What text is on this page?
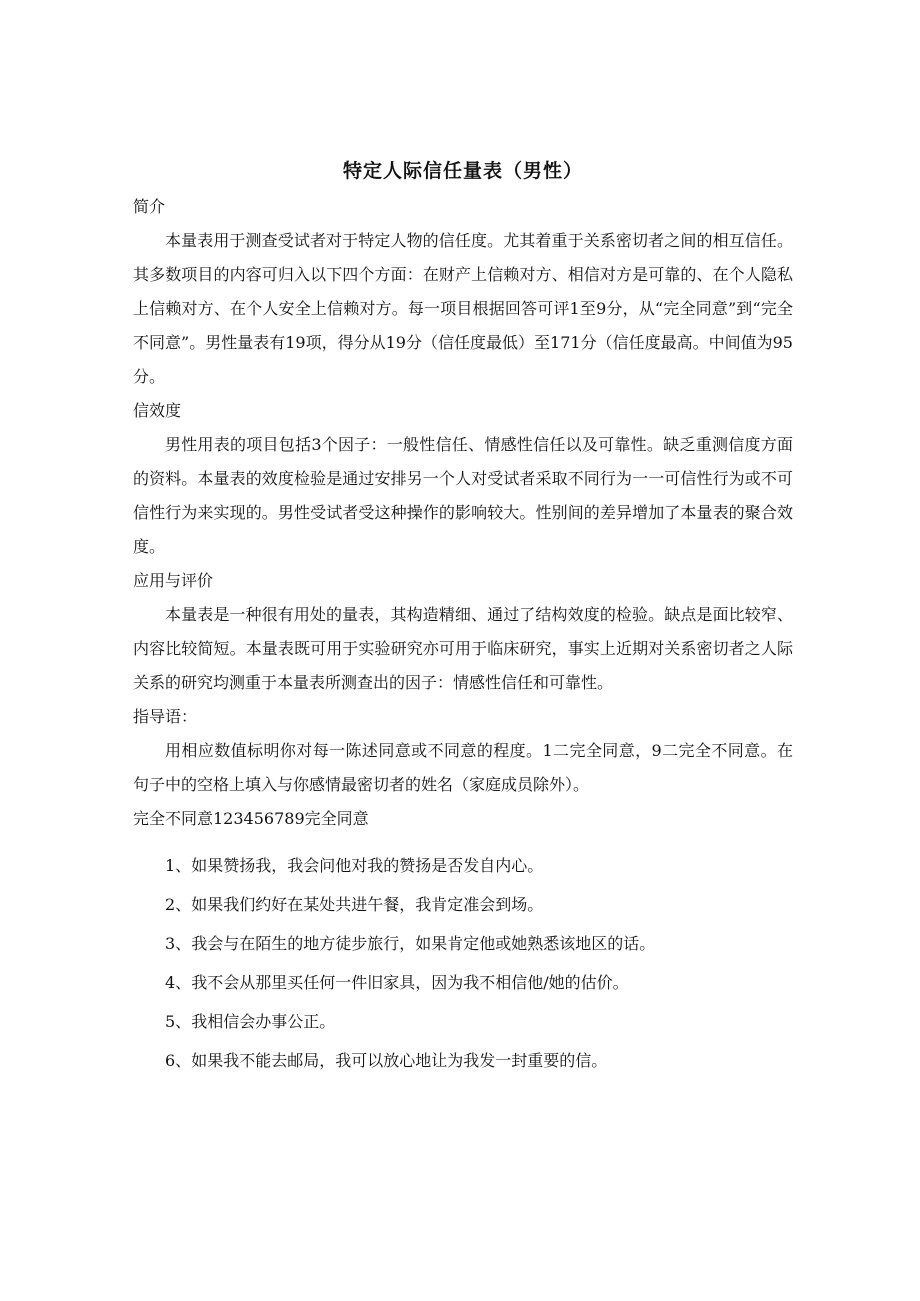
特定人际信任量表（男性）

简介

本量表用于测查受试者对于特定人物的信任度。尤其着重于关系密切者之间的相互信任。其多数项目的内容可归入以下四个方面：在财产上信赖对方、相信对方是可靠的、在个人隐私上信赖对方、在个人安全上信赖对方。每一项目根据回答可评1至9分，从“完全同意”到“完全不同意”。男性量表有19项，得分从19分（信任度最低）至171分（信任度最高。中间值为95分。

信效度

男性用表的项目包括3个因子：一般性信任、情感性信任以及可靠性。缺乏重测信度方面的资料。本量表的效度检验是通过安排另一个人对受试者采取不同行为一一可信性行为或不可信性行为来实现的。男性受试者受这种操作的影响较大。性别间的差异增加了本量表的聚合效度。

应用与评价

本量表是一种很有用处的量表，其构造精细、通过了结构效度的检验。缺点是面比较窄、内容比较简短。本量表既可用于实验研究亦可用于临床研究，事实上近期对关系密切者之人际关系的研究均测重于本量表所测查出的因子：情感性信任和可靠性。

指导语：

用相应数值标明你对每一陈述同意或不同意的程度。1二完全同意，9二完全不同意。在句子中的空格上填入与你感情最密切者的姓名（家庭成员除外）。

完全不同意123456789完全同意

1、 如果赞扬我，我会问他对我的赞扬是否发自内心。
2、 如果我们约好在某处共进午餐，我肯定准会到场。
3、 我会与在陌生的地方徒步旅行，如果肯定他或她熟悉该地区的话。
4、 我不会从那里买任何一件旧家具，因为我不相信他/她的估价。
5、 我相信会办事公正。
6、 如果我不能去邮局，我可以放心地让为我发一封重要的信。
